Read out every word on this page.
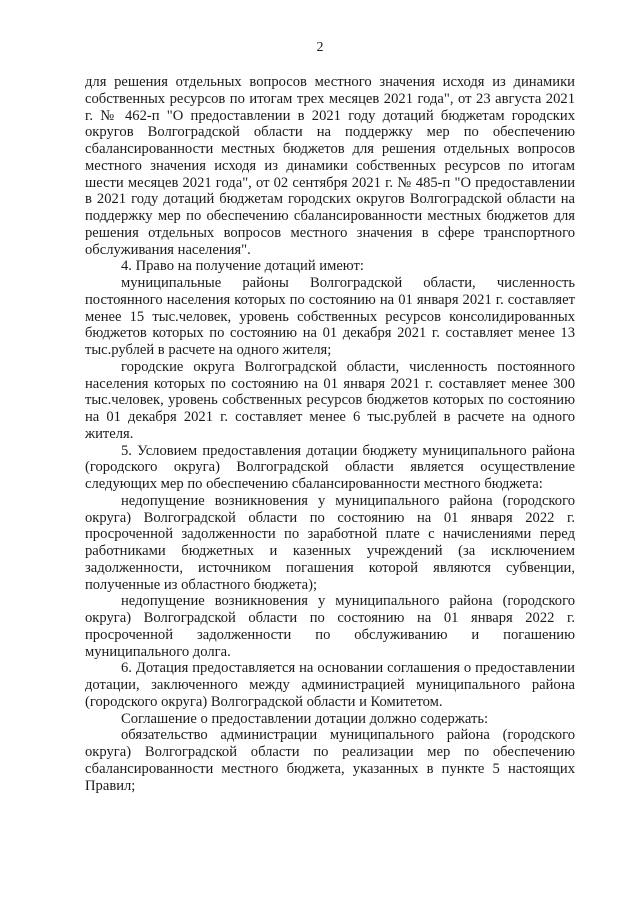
2

для решения отдельных вопросов местного значения исходя из динамики собственных ресурсов по итогам трех месяцев 2021 года", от 23 августа 2021 г. № 462-п "О предоставлении в 2021 году дотаций бюджетам городских округов Волгоградской области на поддержку мер по обеспечению сбалансированности местных бюджетов для решения отдельных вопросов местного значения исходя из динамики собственных ресурсов по итогам шести месяцев 2021 года", от 02 сентября 2021 г. № 485-п "О предоставлении в 2021 году дотаций бюджетам городских округов Волгоградской области на поддержку мер по обеспечению сбалансированности местных бюджетов для решения отдельных вопросов местного значения в сфере транспортного обслуживания населения".

4. Право на получение дотаций имеют:

муниципальные районы Волгоградской области, численность постоянного населения которых по состоянию на 01 января 2021 г. составляет менее 15 тыс.человек, уровень собственных ресурсов консолидированных бюджетов которых по состоянию на 01 декабря 2021 г. составляет менее 13 тыс.рублей в расчете на одного жителя;

городские округа Волгоградской области, численность постоянного населения которых по состоянию на 01 января 2021 г. составляет менее 300 тыс.человек, уровень собственных ресурсов бюджетов которых по состоянию на 01 декабря 2021 г. составляет менее 6 тыс.рублей в расчете на одного жителя.

5. Условием предоставления дотации бюджету муниципального района (городского округа) Волгоградской области является осуществление следующих мер по обеспечению сбалансированности местного бюджета:

недопущение возникновения у муниципального района (городского округа) Волгоградской области по состоянию на 01 января 2022 г. просроченной задолженности по заработной плате с начислениями перед работниками бюджетных и казенных учреждений (за исключением задолженности, источником погашения которой являются субвенции, полученные из областного бюджета);

недопущение возникновения у муниципального района (городского округа) Волгоградской области по состоянию на 01 января 2022 г. просроченной задолженности по обслуживанию и погашению муниципального долга.

6. Дотация предоставляется на основании соглашения о предоставлении дотации, заключенного между администрацией муниципального района (городского округа) Волгоградской области и Комитетом.

Соглашение о предоставлении дотации должно содержать:

обязательство администрации муниципального района (городского округа) Волгоградской области по реализации мер по обеспечению сбалансированности местного бюджета, указанных в пункте 5 настоящих Правил;
